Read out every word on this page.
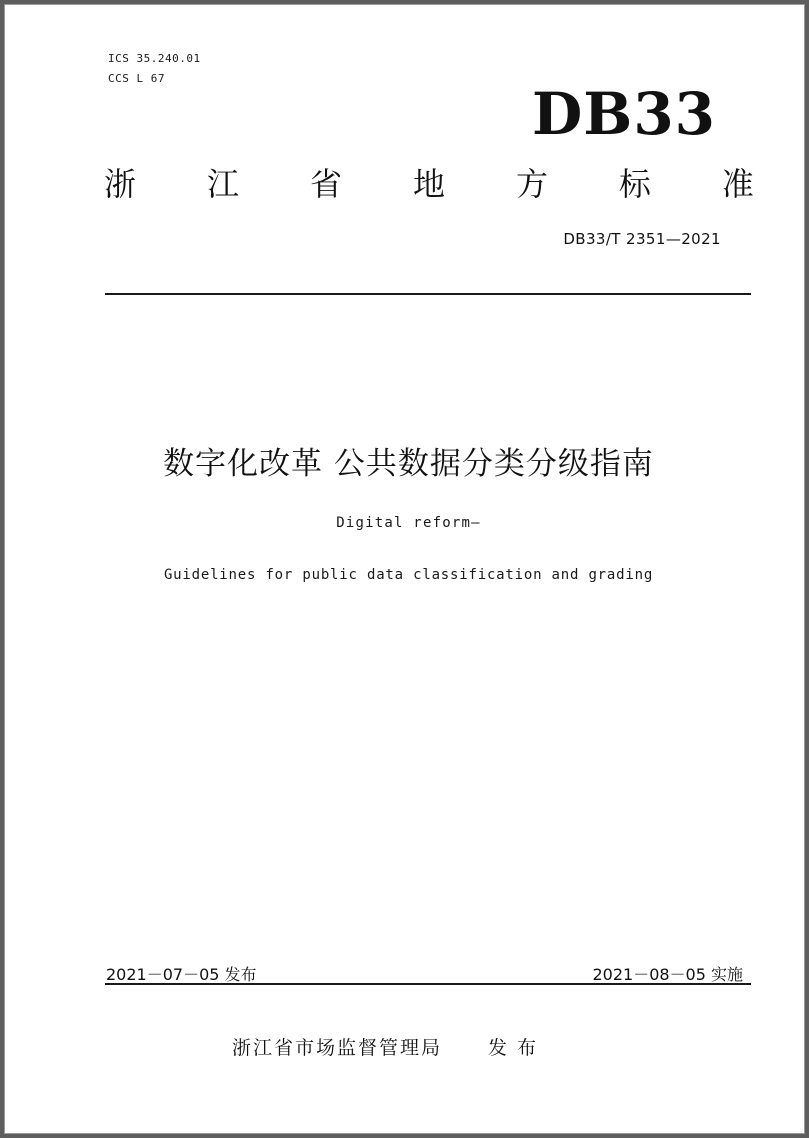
ICS 35.240.01
CCS L 67
DB33
浙 江 省 地 方 标 准
DB33/T 2351—2021
数字化改革 公共数据分类分级指南
Digital reform—
Guidelines for public data classification and grading
2021－07－05 发布	2021－08－05 实施
浙江省市场监督管理局 发 布
